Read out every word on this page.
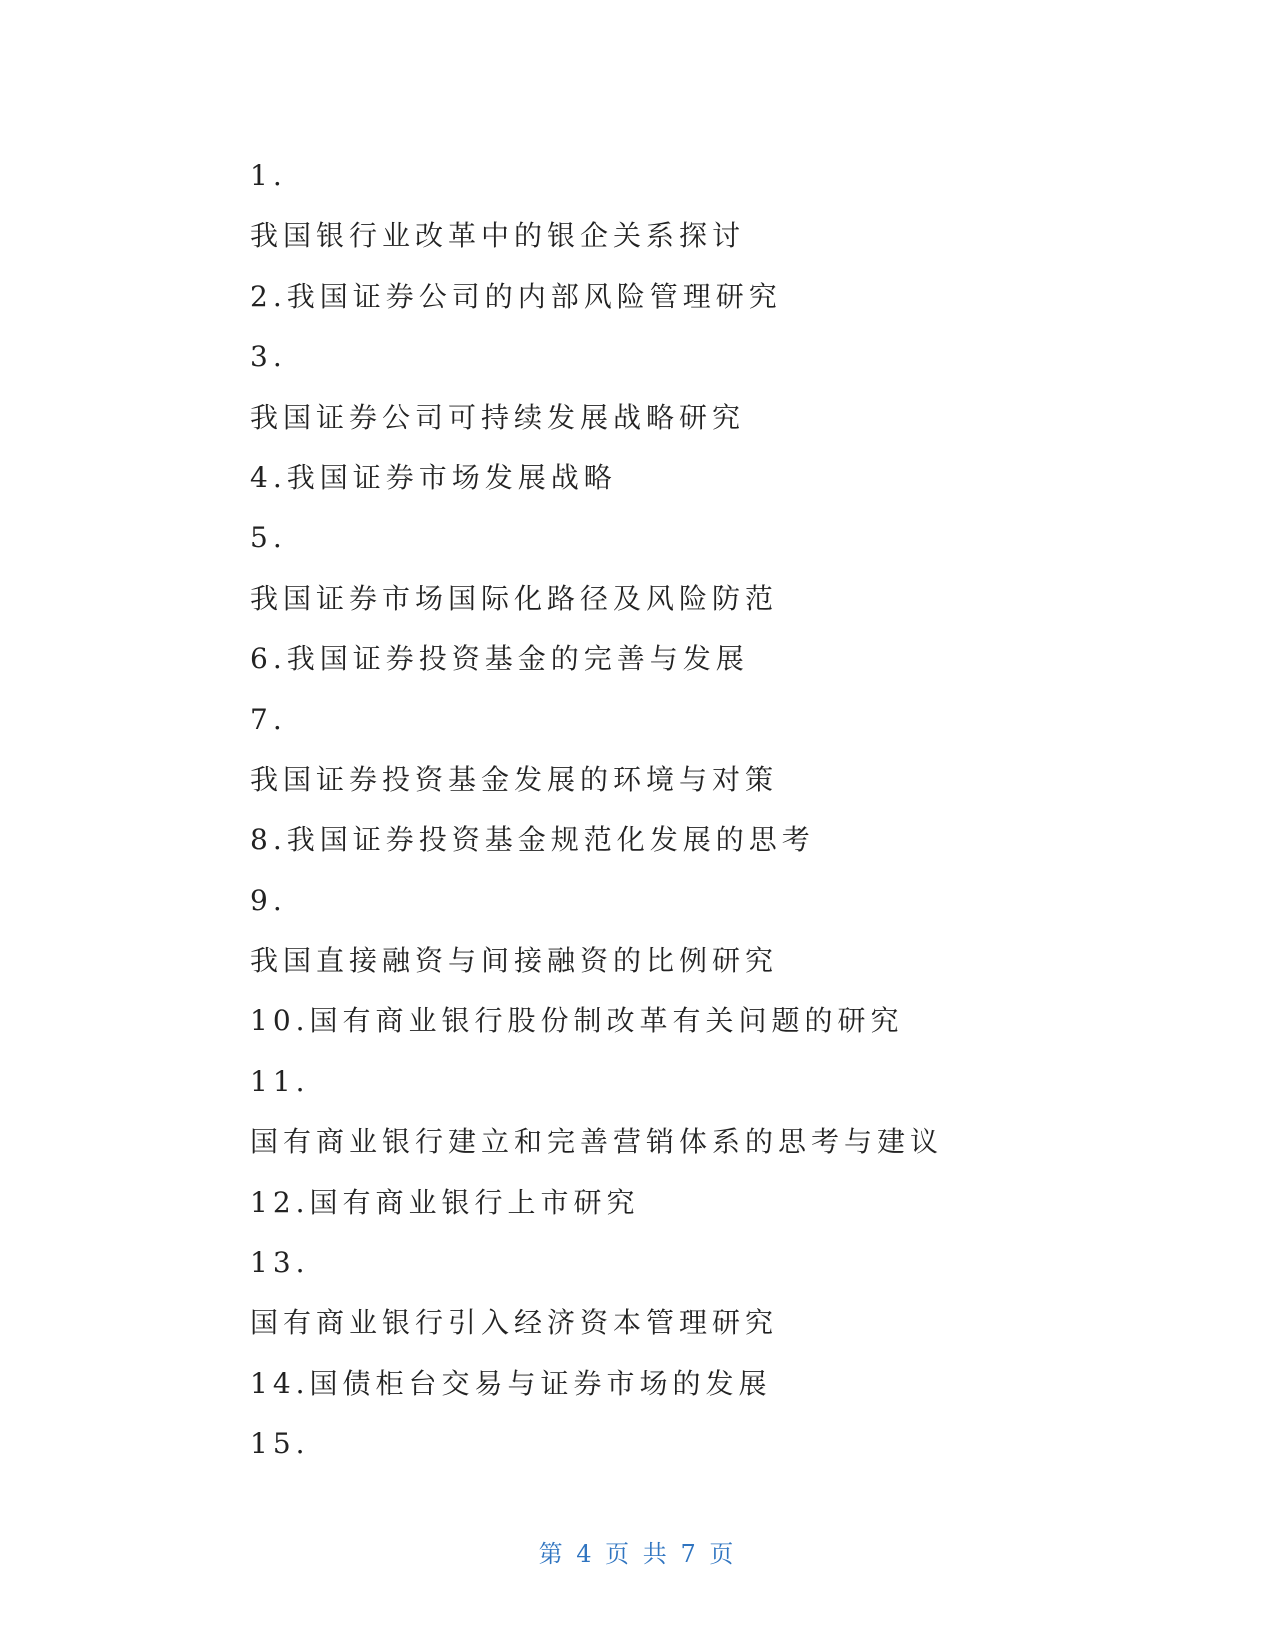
1.
我国银行业改革中的银企关系探讨
2.我国证券公司的内部风险管理研究
3.
我国证券公司可持续发展战略研究
4.我国证券市场发展战略
5.
我国证券市场国际化路径及风险防范
6.我国证券投资基金的完善与发展
7.
我国证券投资基金发展的环境与对策
8.我国证券投资基金规范化发展的思考
9.
我国直接融资与间接融资的比例研究
10.国有商业银行股份制改革有关问题的研究
11.
国有商业银行建立和完善营销体系的思考与建议
12.国有商业银行上市研究
13.
国有商业银行引入经济资本管理研究
14.国债柜台交易与证券市场的发展
15.
第 4 页 共 7 页
